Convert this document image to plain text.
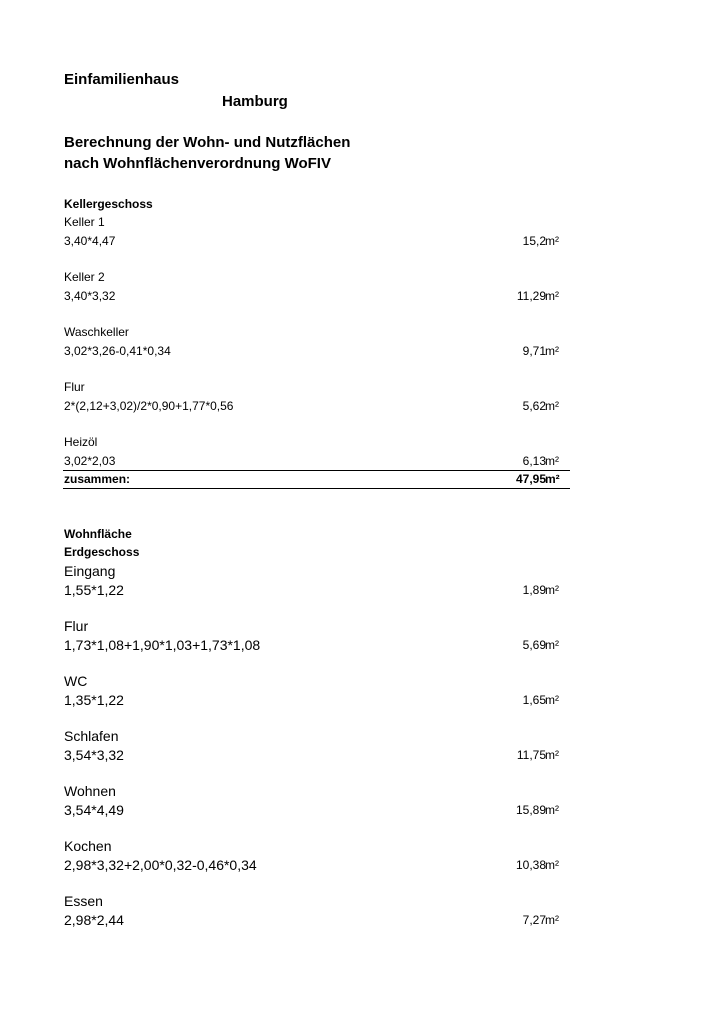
Einfamilienhaus
Hamburg
Berechnung der Wohn- und Nutzflächen
nach Wohnflächenverordnung WoFIV
Kellergeschoss
Keller 1
3,40*4,47	15,2 m²
Keller 2
3,40*3,32	11,29 m²
Waschkeller
3,02*3,26-0,41*0,34	9,71 m²
Flur
2*(2,12+3,02)/2*0,90+1,77*0,56	5,62 m²
Heizöl
3,02*2,03	6,13 m²
zusammen:	47,95 m²
Wohnfläche
Erdgeschoss
Eingang
1,55*1,22	1,89 m²
Flur
1,73*1,08+1,90*1,03+1,73*1,08	5,69 m²
WC
1,35*1,22	1,65 m²
Schlafen
3,54*3,32	11,75 m²
Wohnen
3,54*4,49	15,89 m²
Kochen
2,98*3,32+2,00*0,32-0,46*0,34	10,38 m²
Essen
2,98*2,44	7,27 m²
